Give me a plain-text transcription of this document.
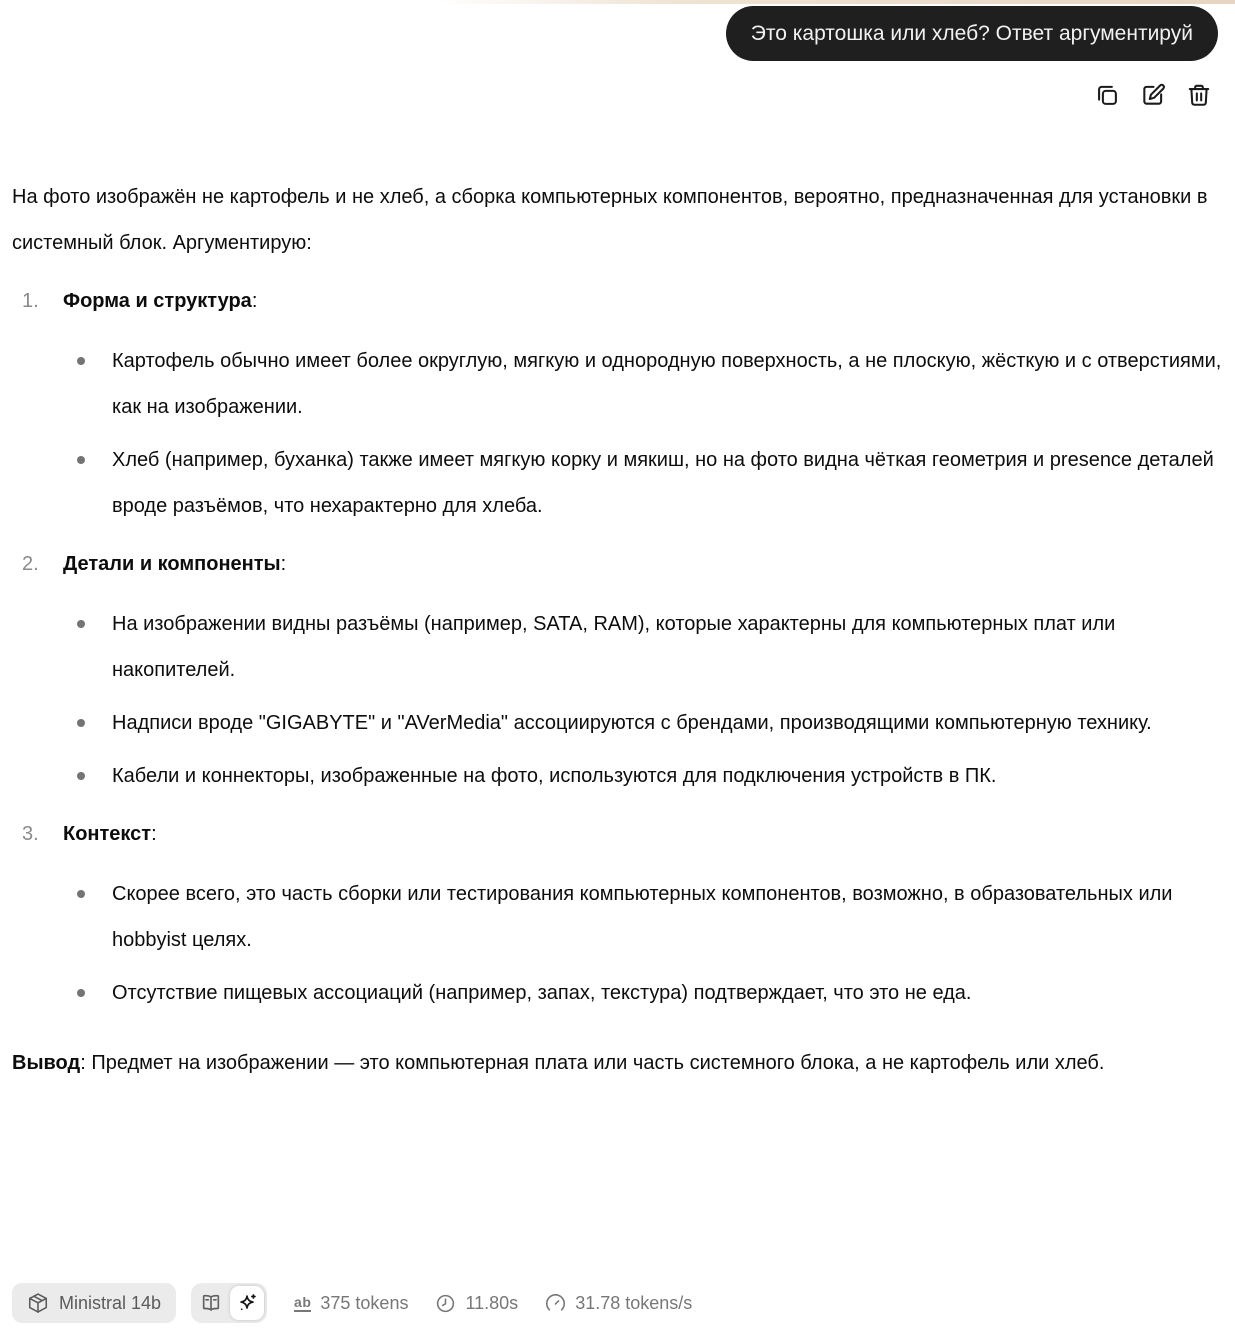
Это картошка или хлеб? Ответ аргументируй

На фото изображён не картофель и не хлеб, а сборка компьютерных компонентов, вероятно, предназначенная для установки в системный блок. Аргументирую:

1. Форма и структура:
Картофель обычно имеет более округлую, мягкую и однородную поверхность, а не плоскую, жёсткую и с отверстиями, как на изображении.
Хлеб (например, буханка) также имеет мягкую корку и мякиш, но на фото видна чёткая геометрия и presence деталей вроде разъёмов, что нехарактерно для хлеба.
2. Детали и компоненты:
На изображении видны разъёмы (например, SATA, RAM), которые характерны для компьютерных плат или накопителей.
Надписи вроде "GIGABYTE" и "AVerMedia" ассоциируются с брендами, производящими компьютерную технику.
Кабели и коннекторы, изображенные на фото, используются для подключения устройств в ПК.
3. Контекст:
Скорее всего, это часть сборки или тестирования компьютерных компонентов, возможно, в образовательных или hobbyist целях.
Отсутствие пищевых ассоциаций (например, запах, текстура) подтверждает, что это не еда.

Вывод: Предмет на изображении — это компьютерная плата или часть системного блока, а не картофель или хлеб.

Ministral 14b	ab 375 tokens	11.80s	31.78 tokens/s
